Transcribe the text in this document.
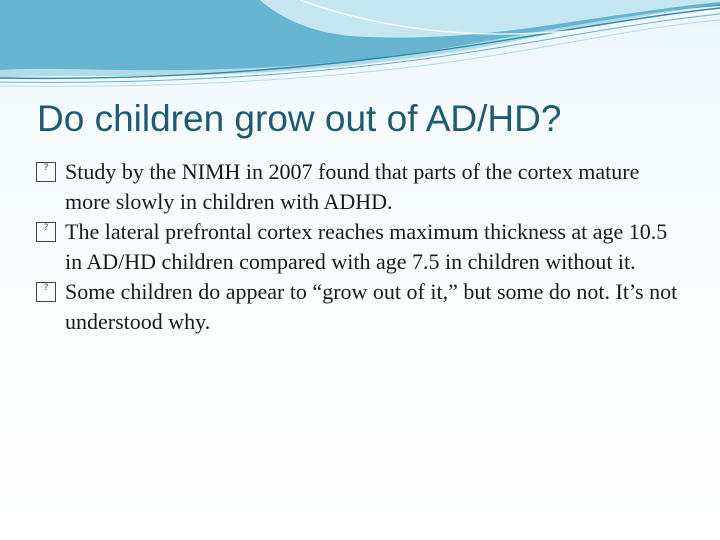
Do children grow out of AD/HD?
? Study by the NIMH in 2007 found that parts of the cortex mature more slowly in children with ADHD.
? The lateral prefrontal cortex reaches maximum thickness at age 10.5 in AD/HD children compared with age 7.5 in children without it.
? Some children do appear to “grow out of it,” but some do not. It’s not understood why.
